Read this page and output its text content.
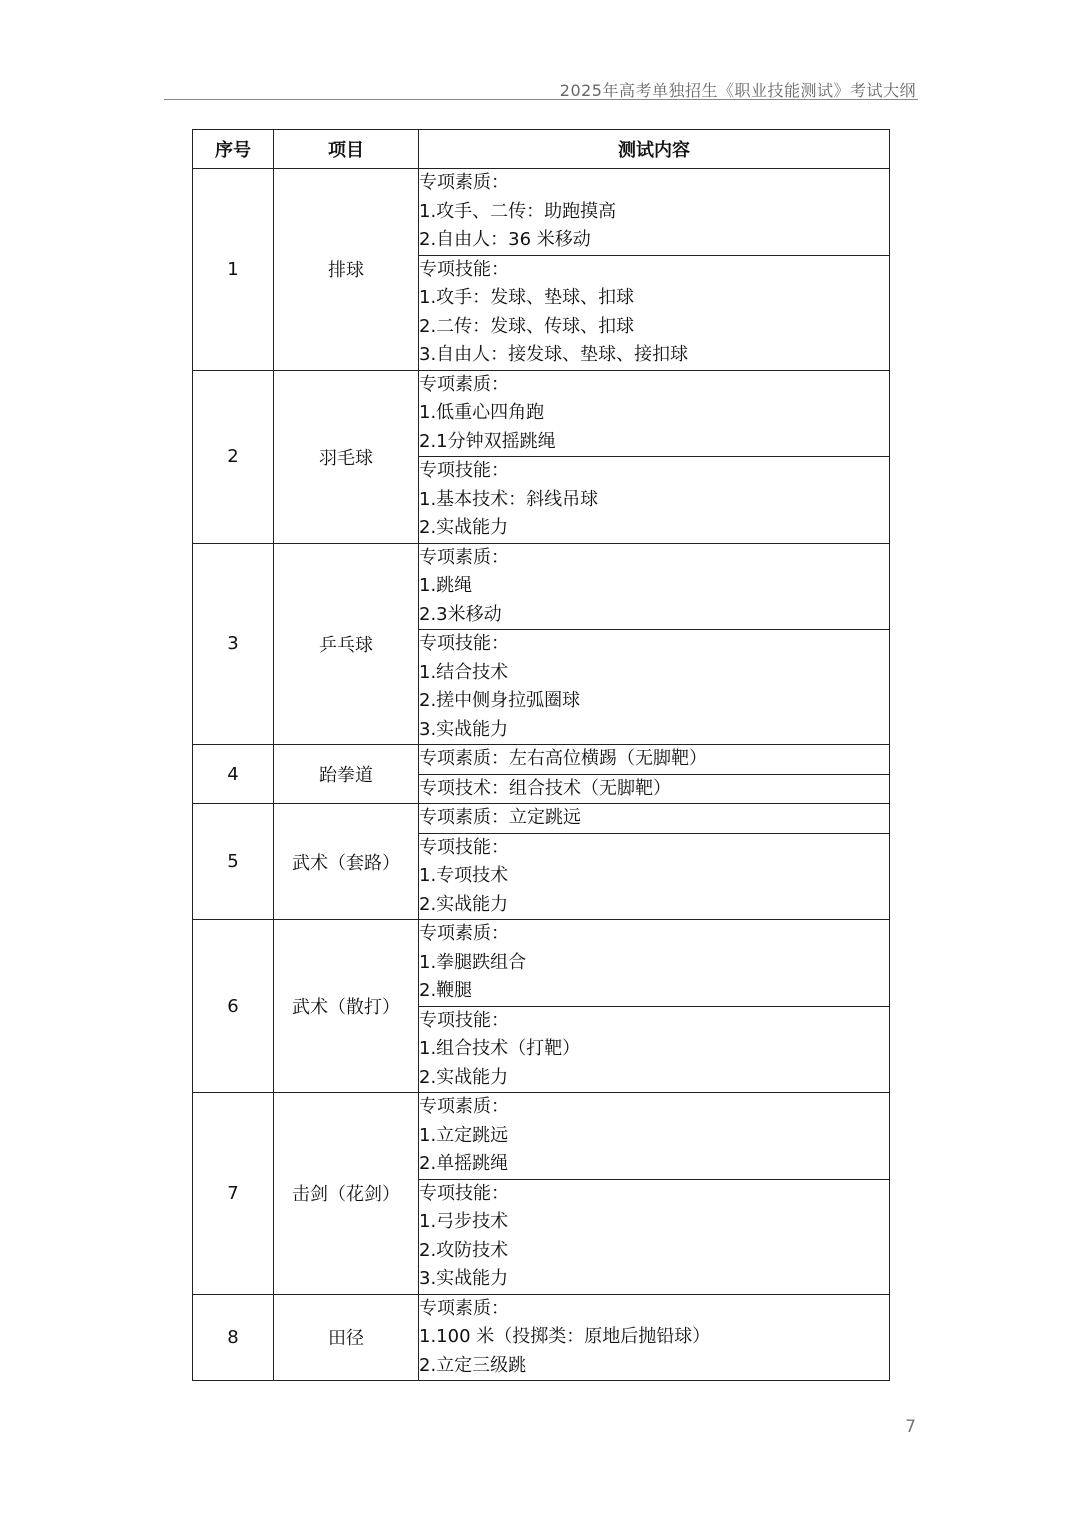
2025年高考单独招生《职业技能测试》考试大纲
序号	项目	测试内容
1	排球	专项素质：
1.攻手、二传：助跑摸高
2.自由人：36 米移动

		专项技能：
1.攻手：发球、垫球、扣球
2.二传：发球、传球、扣球
3.自由人：接发球、垫球、接扣球

2	羽毛球	专项素质：
1.低重心四角跑
2.1分钟双摇跳绳

		专项技能：
1.基本技术：斜线吊球
2.实战能力

3	乒乓球	专项素质：
1.跳绳
2.3米移动

		专项技能：
1.结合技术
2.搓中侧身拉弧圈球
3.实战能力

4	跆拳道	专项素质：左右高位横踢（无脚靶）

		专项技术：组合技术（无脚靶）

5	武术（套路）	专项素质：立定跳远

		专项技能：
1.专项技术
2.实战能力

6	武术（散打）	专项素质：
1.拳腿跌组合
2.鞭腿

		专项技能：
1.组合技术（打靶）
2.实战能力

7	击剑（花剑）	专项素质：
1.立定跳远
2.单摇跳绳

		专项技能：
1.弓步技术
2.攻防技术
3.实战能力

8	田径	专项素质：
1.100 米（投掷类：原地后抛铅球）
2.立定三级跳
7
